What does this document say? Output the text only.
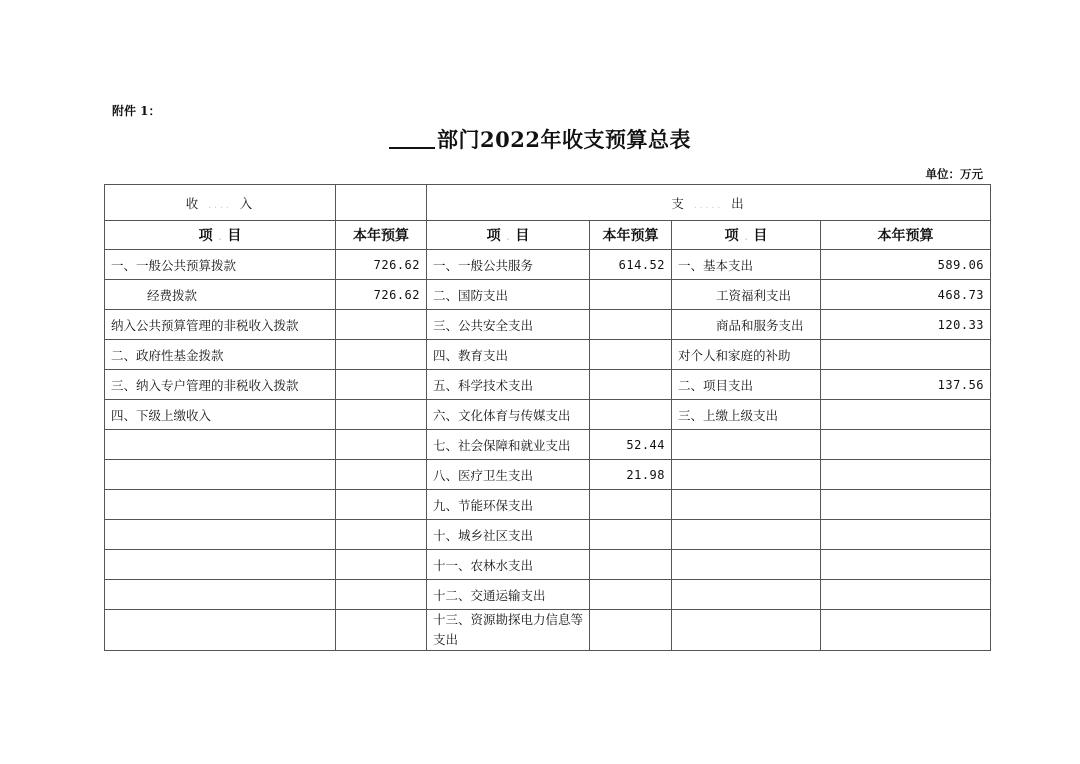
附件 1：
部门2022年收支预算总表
单位：万元
收 .... 入		支 ..... 出			
项 . 目	本年预算	项 . 目	本年预算	项 . 目	本年预算
一、一般公共预算拨款	726.62	一、一般公共服务	614.52	一、基本支出	589.06
经费拨款	726.62	二、国防支出		工资福利支出	468.73
纳入公共预算管理的非税收入拨款		三、公共安全支出		商品和服务支出	120.33
二、政府性基金拨款		四、教育支出		对个人和家庭的补助	
三、纳入专户管理的非税收入拨款		五、科学技术支出		二、项目支出	137.56
四、下级上缴收入		六、文化体育与传媒支出		三、上缴上级支出	
		七、社会保障和就业支出	52.44		
		八、医疗卫生支出	21.98		
		九、节能环保支出			
		十、城乡社区支出			
		十一、农林水支出			
		十二、交通运输支出			
		十三、资源勘探电力信息等支出			
